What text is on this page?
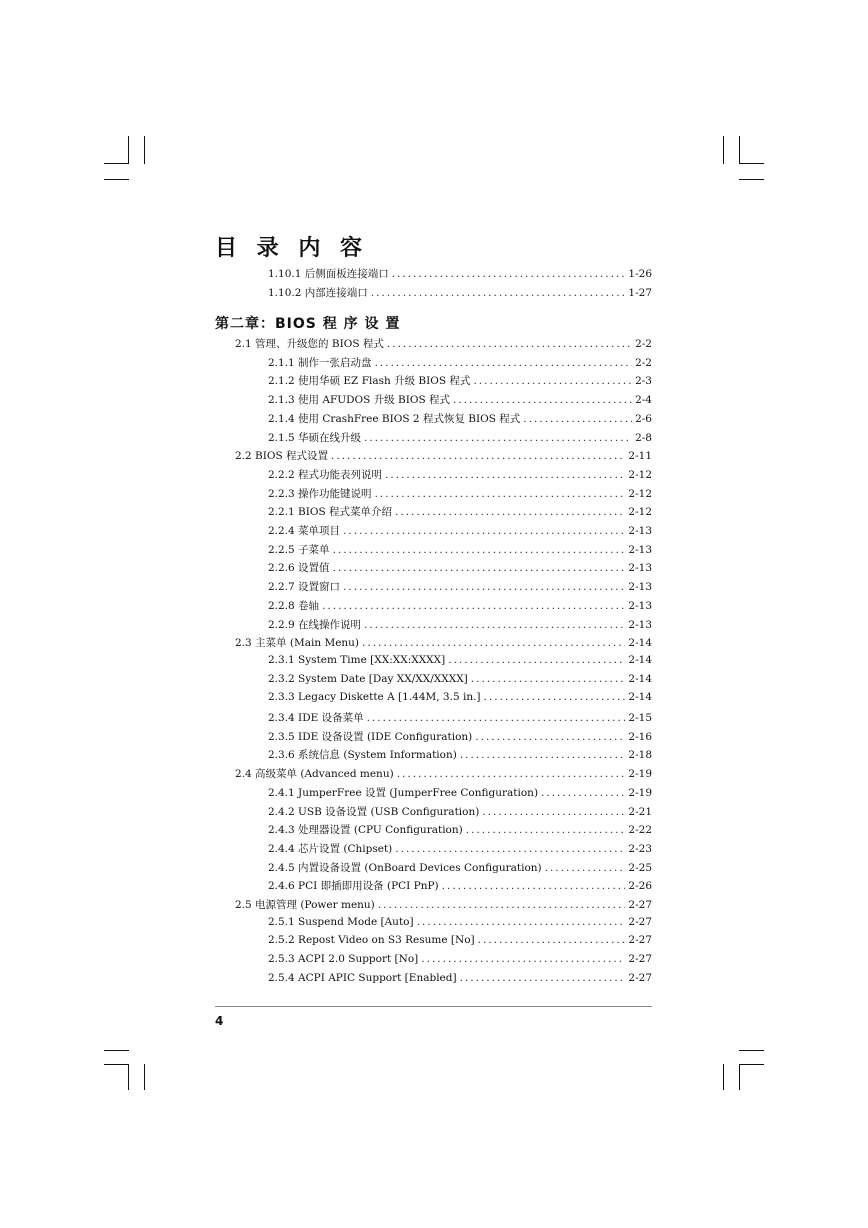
目 录 内 容
第二章：BIOS 程 序 设 置
1.10.1 后侧面板连接端口 .....	1-26
1.10.2 内部连接端口 .....	1-27
2.1 管理、升级您的 BIOS 程式 .....	2-2
2.1.1 制作一张启动盘 .....	2-2
2.1.2 使用华硕 EZ Flash 升级 BIOS 程式 .....	2-3
2.1.3 使用 AFUDOS 升级 BIOS 程式 .....	2-4
2.1.4 使用 CrashFree BIOS 2 程式恢复 BIOS 程式 .....	2-6
2.1.5 华硕在线升级 .....	2-8
2.2 BIOS 程式设置 .....	2-11
2.2.2 程式功能表列说明 .....	2-12
2.2.3 操作功能键说明 .....	2-12
2.2.1 BIOS 程式菜单介绍 .....	2-12
2.2.4 菜单项目 .....	2-13
2.2.5 子菜单 .....	2-13
2.2.6 设置值 .....	2-13
2.2.7 设置窗口 .....	2-13
2.2.8 卷轴 .....	2-13
2.2.9 在线操作说明 .....	2-13
2.3 主菜单 (Main Menu) .....	2-14
2.3.1 System Time [XX:XX:XXXX] .....	2-14
2.3.2 System Date [Day XX/XX/XXXX] .....	2-14
2.3.3 Legacy Diskette A [1.44M, 3.5 in.] .....	2-14
2.3.4 IDE 设备菜单 .....	2-15
2.3.5 IDE 设备设置 (IDE Configuration) .....	2-16
2.3.6 系统信息 (System Information) .....	2-18
2.4 高级菜单 (Advanced menu) .....	2-19
2.4.1 JumperFree 设置 (JumperFree Configuration) .....	2-19
2.4.2 USB 设备设置 (USB Configuration) .....	2-21
2.4.3 处理器设置 (CPU Configuration) .....	2-22
2.4.4 芯片设置 (Chipset) .....	2-23
2.4.5 内置设备设置 (OnBoard Devices Configuration) .....	2-25
2.4.6 PCI 即插即用设备 (PCI PnP) .....	2-26
2.5 电源管理 (Power menu) .....	2-27
2.5.1 Suspend Mode [Auto] .....	2-27
2.5.2 Repost Video on S3 Resume [No] .....	2-27
2.5.3 ACPI 2.0 Support [No] .....	2-27
2.5.4 ACPI APIC Support [Enabled] .....	2-27
4
